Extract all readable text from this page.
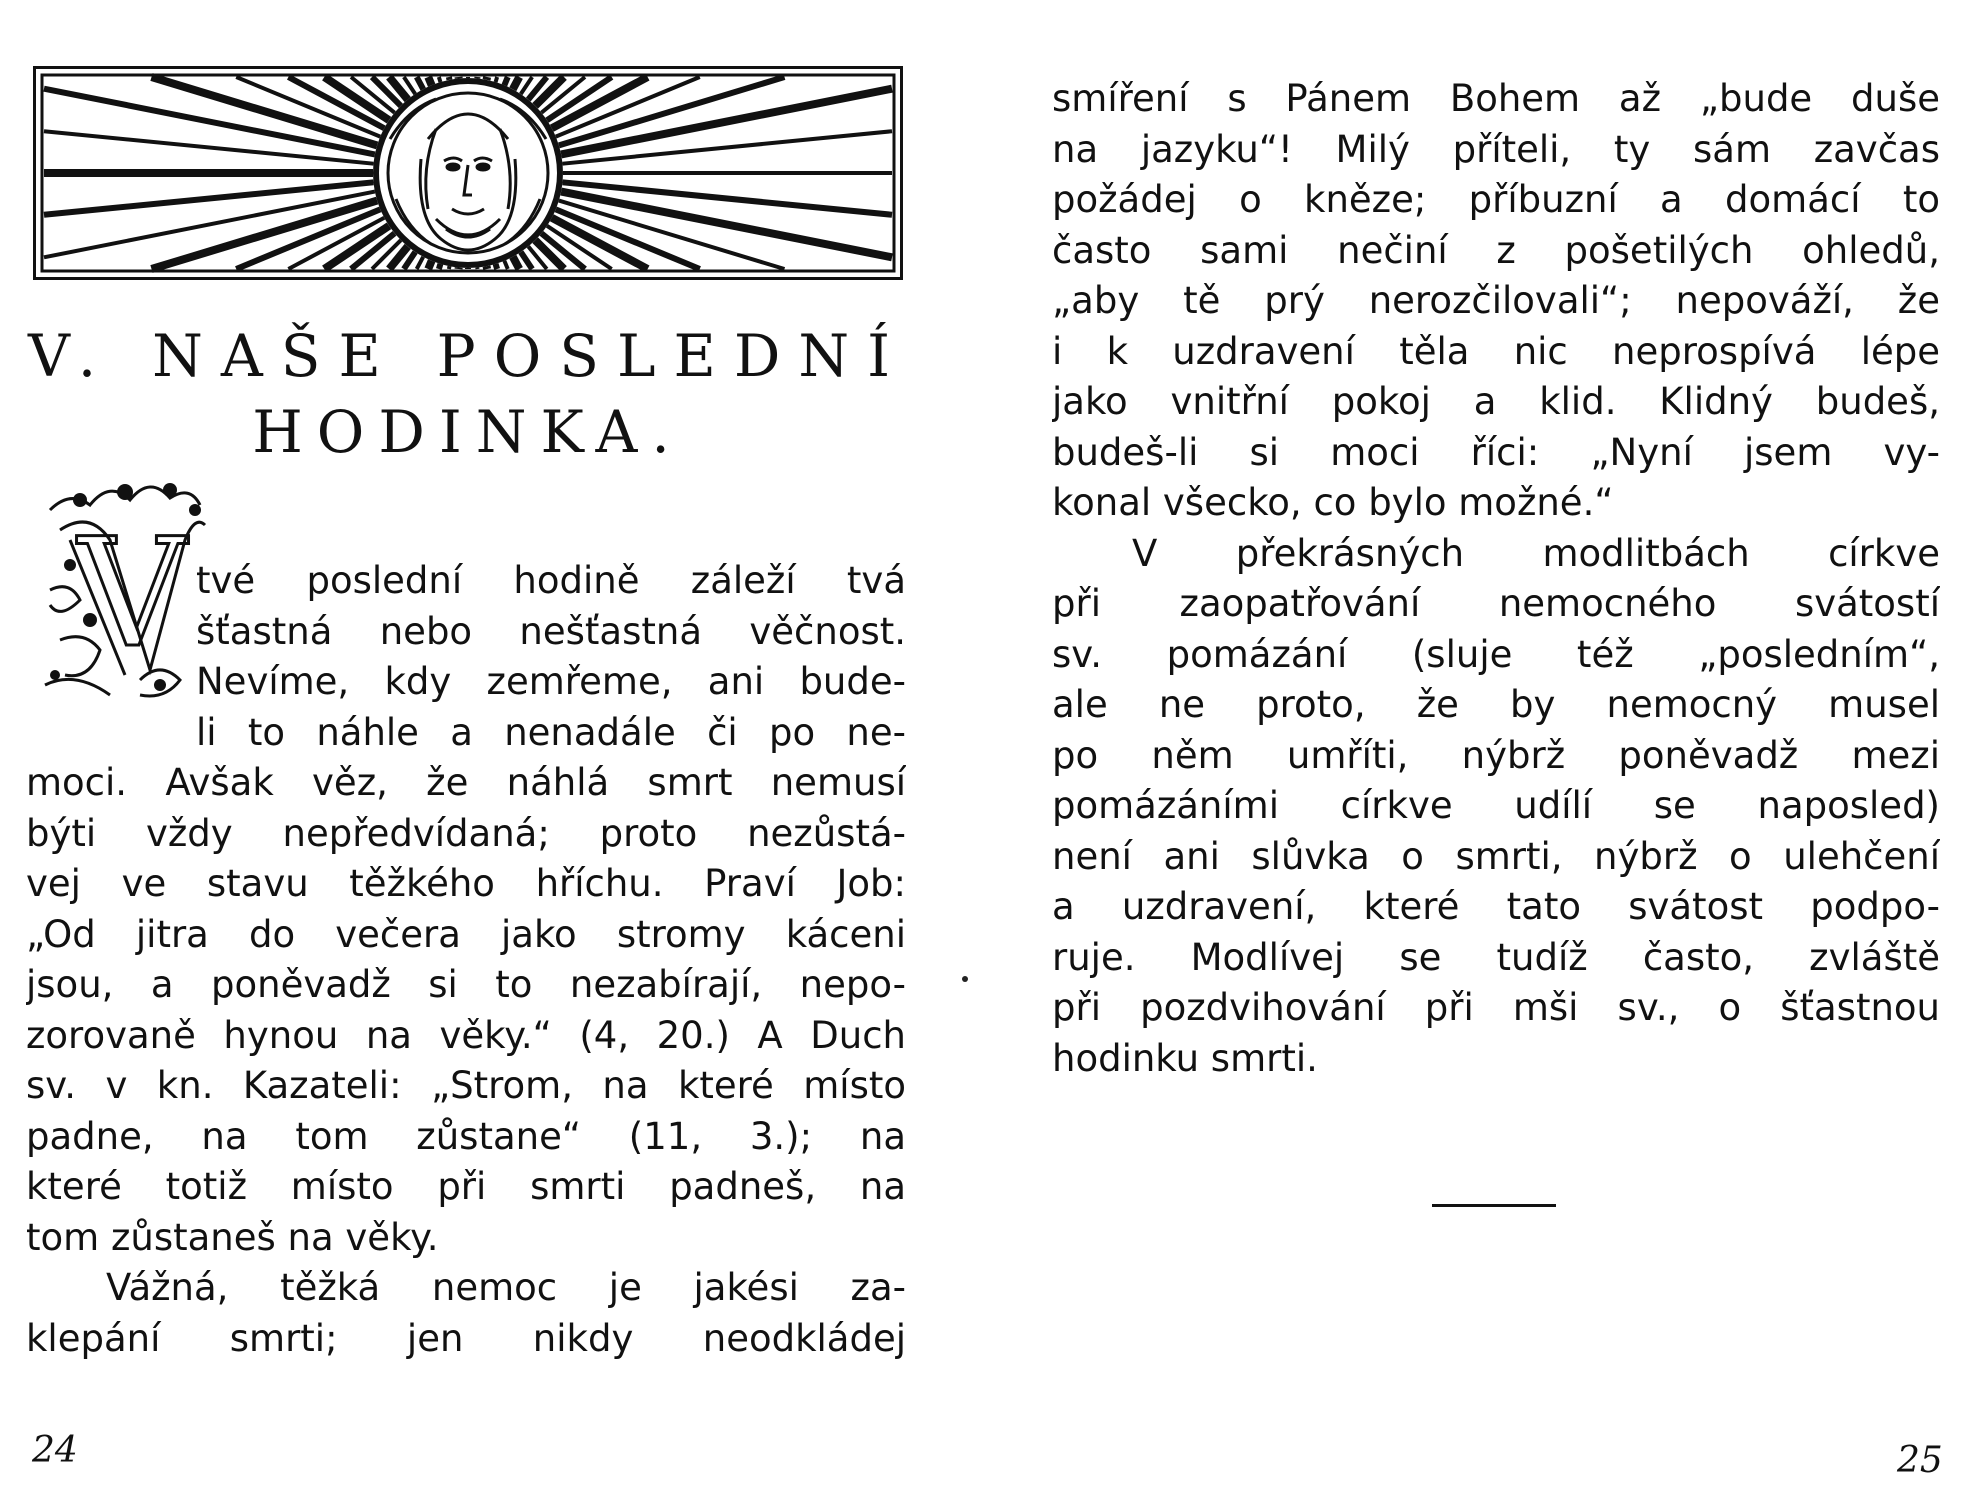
V. NAŠE POSLEDNÍ
HODINKA.
V tvé poslední hodině záleží tvá
šťastná nebo nešťastná věčnost.
Nevíme, kdy zemřeme, ani bude-
li to náhle a nenadále či po ne-
moci. Avšak věz, že náhlá smrt nemusí
býti vždy nepředvídaná; proto nezůstá-
vej ve stavu těžkého hříchu. Praví Job:
„Od jitra do večera jako stromy káceni
jsou, a poněvadž si to nezabírají, nepo-
zorovaně hynou na věky.“ (4, 20.) A Duch
sv. v kn. Kazateli: „Strom, na které místo
padne, na tom zůstane“ (11, 3.); na
které totiž místo při smrti padneš, na
tom zůstaneš na věky.
Vážná, těžká nemoc je jakési za-
klepání smrti; jen nikdy neodkládej
24
smíření s Pánem Bohem až „bude duše
na jazyku“! Milý příteli, ty sám zavčas
požádej o kněze; příbuzní a domácí to
často sami nečiní z pošetilých ohledů,
„aby tě prý nerozčilovali“; nepováží, že
i k uzdravení těla nic neprospívá lépe
jako vnitřní pokoj a klid. Klidný budeš,
budeš-li si moci říci: „Nyní jsem vy-
konal všecko, co bylo možné.“
V překrásných modlitbách církve
při zaopatřování nemocného svátostí
sv. pomázání (sluje též „posledním“,
ale ne proto, že by nemocný musel
po něm umříti, nýbrž poněvadž mezi
pomázáními církve udílí se naposled)
není ani slůvka o smrti, nýbrž o ulehčení
a uzdravení, které tato svátost podpo-
ruje. Modlívej se tudíž často, zvláště
při pozdvihování při mši sv., o šťastnou
hodinku smrti.
25
